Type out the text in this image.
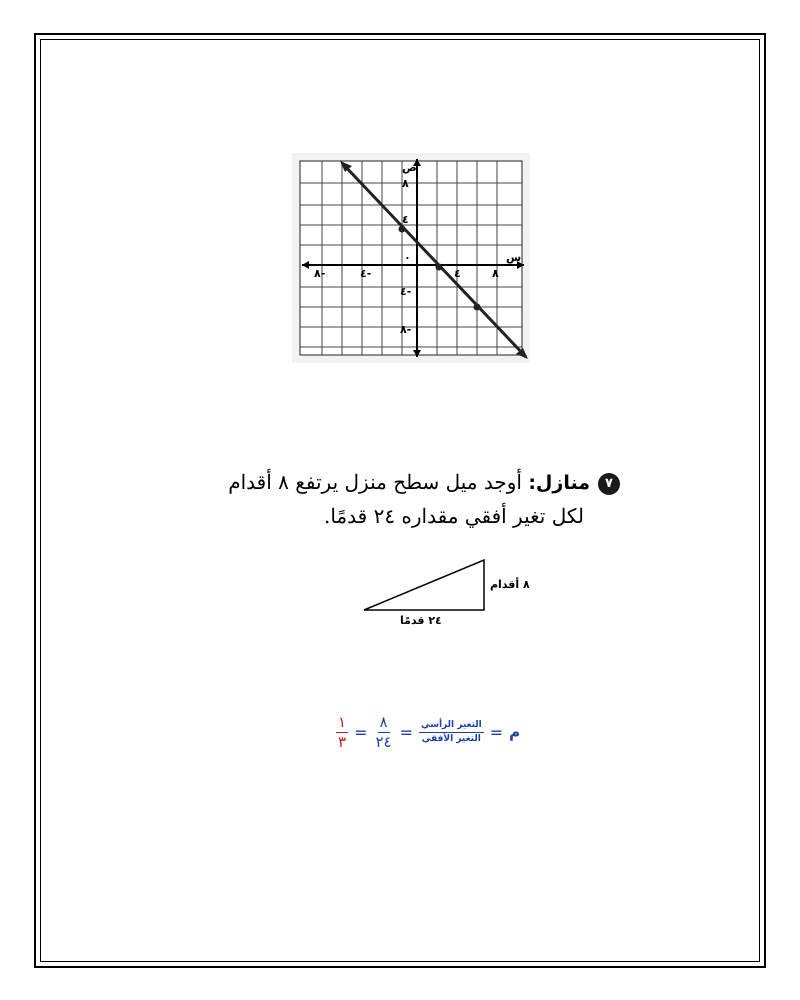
ص
س
٨
٤
٠
٤-
٨-
٨-	٤-	٤	٨
٧منازل: أوجد ميل سطح منزل يرتفع ٨ أقدام
لكل تغير أفقي مقداره ٢٤ قدمًا.
٨ أقدام
٢٤ قدمًا
م
=
$\frac{\text{التغير الرأسي}}{\text{التغير الأفقي}}$
=
$\frac{٨}{٢٤}$
=
$\frac{١}{٣}$
